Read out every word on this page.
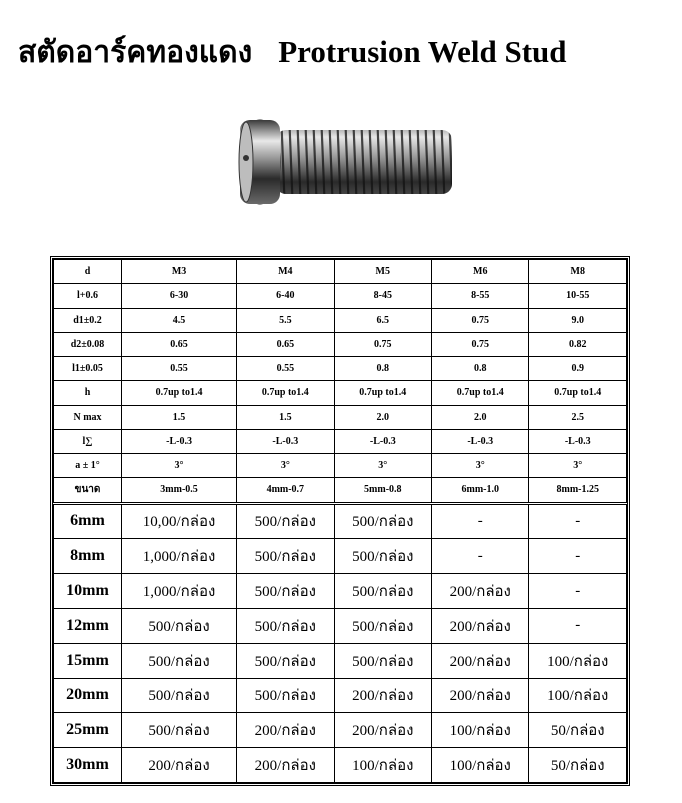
สตัดอาร์คทองแดง Protrusion Weld Stud
d	M3	M4	M5	M6	M8
l+0.6	6-30	6-40	8-45	8-55	10-55
d1±0.2	4.5	5.5	6.5	0.75	9.0
d2±0.08	0.65	0.65	0.75	0.75	0.82
l1±0.05	0.55	0.55	0.8	0.8	0.9
h	0.7up to1.4	0.7up to1.4	0.7up to1.4	0.7up to1.4	0.7up to1.4
N max	1.5	1.5	2.0	2.0	2.5
l∑	-L-0.3	-L-0.3	-L-0.3	-L-0.3	-L-0.3
a ± 1°	3°	3°	3°	3°	3°
ขนาด	3mm-0.5	4mm-0.7	5mm-0.8	6mm-1.0	8mm-1.25
6mm	10,00/กล่อง	500/กล่อง	500/กล่อง	-	-
8mm	1,000/กล่อง	500/กล่อง	500/กล่อง	-	-
10mm	1,000/กล่อง	500/กล่อง	500/กล่อง	200/กล่อง	-
12mm	500/กล่อง	500/กล่อง	500/กล่อง	200/กล่อง	-
15mm	500/กล่อง	500/กล่อง	500/กล่อง	200/กล่อง	100/กล่อง
20mm	500/กล่อง	500/กล่อง	200/กล่อง	200/กล่อง	100/กล่อง
25mm	500/กล่อง	200/กล่อง	200/กล่อง	100/กล่อง	50/กล่อง
30mm	200/กล่อง	200/กล่อง	100/กล่อง	100/กล่อง	50/กล่อง
